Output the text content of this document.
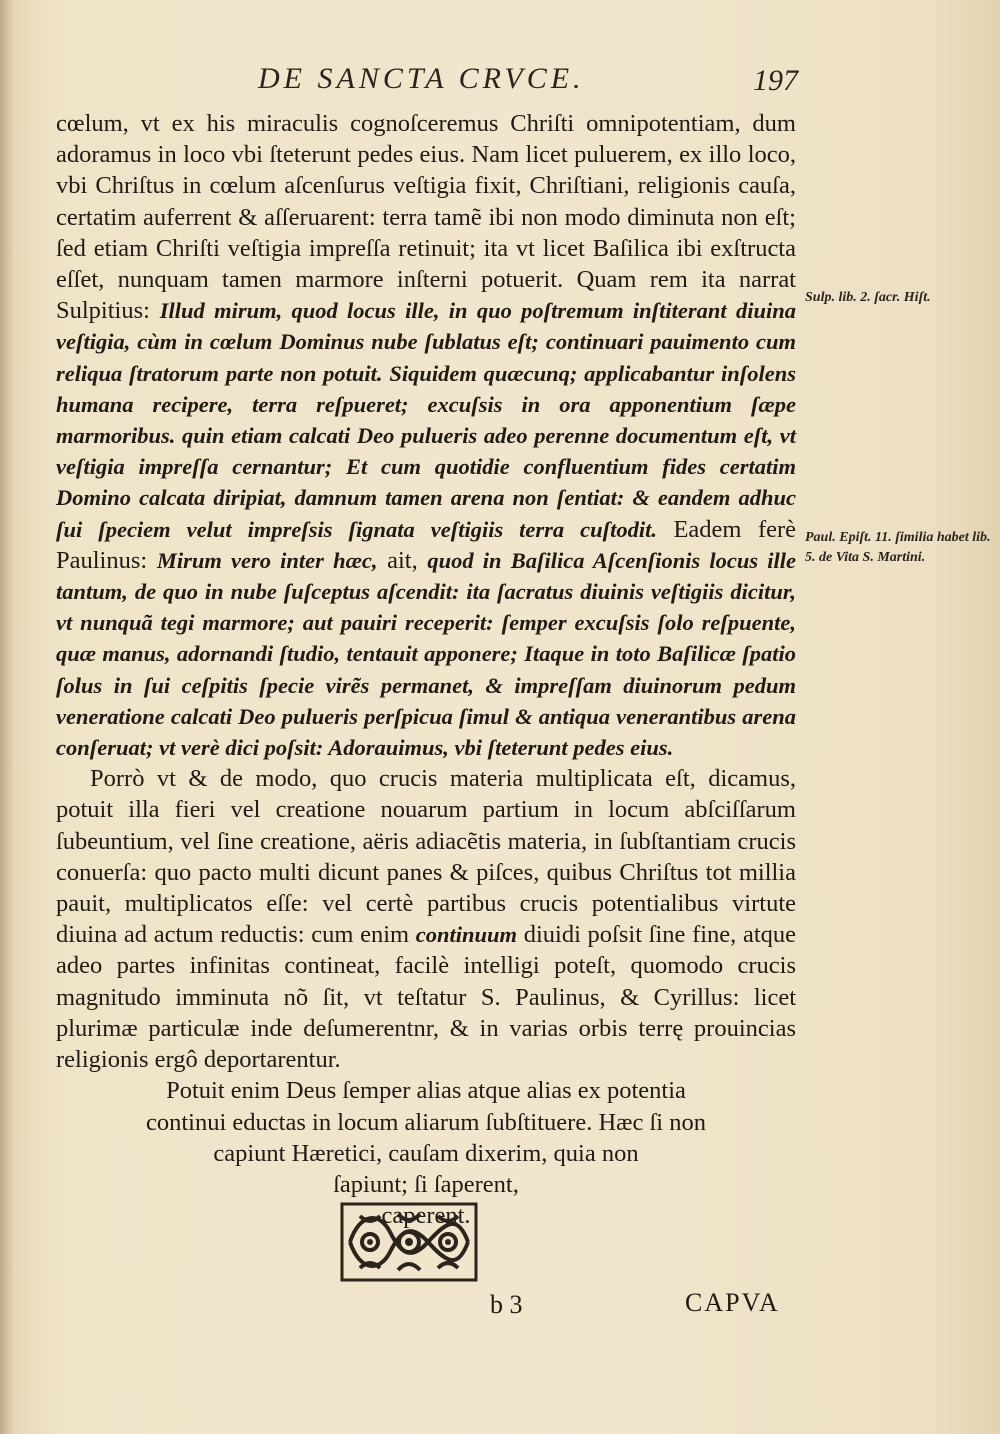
DE SANCTA CRVCE.	197

cœlum, vt ex his miraculis cognoſceremus Chriſti omnipotentiam, dum adoramus in loco vbi ſteterunt pedes eius. Nam licet puluerem, ex illo loco, vbi Chriſtus in cœlum aſcenſurus veſtigia fixit, Chriſtiani, religionis cauſa, certatim auferrent & aſſeruarent: terra tamẽ ibi non modo diminuta non eſt; ſed etiam Chriſti veſtigia impreſſa retinuit; ita vt licet Baſilica ibi exſtructa eſſet, nunquam tamen marmore inſterni potuerit. Quam rem ita narrat Sulpitius: Illud mirum, quod locus ille, in quo poſtremum inſtiterant diuina veſtigia, cùm in cœlum Dominus nube ſublatus eſt; continuari pauimento cum reliqua ſtratorum parte non potuit. Siquidem quæcunq; applicabantur inſolens humana recipere, terra reſpueret; excuſsis in ora apponentium ſæpe marmoribus. quin etiam calcati Deo pulueris adeo perenne documentum eſt, vt veſtigia impreſſa cernantur; Et cum quotidie confluentium fides certatim Domino calcata diripiat, damnum tamen arena non ſentiat: & eandem adhuc ſui ſpeciem velut impreſsis ſignata veſtigiis terra cuſtodit. Eadem ferè Paulinus: Mirum vero inter hæc, ait, quod in Baſilica Aſcenſionis locus ille tantum, de quo in nube ſuſceptus aſcendit: ita ſacratus diuinis veſtigiis dicitur, vt nunquã tegi marmore; aut pauiri receperit: ſemper excuſsis ſolo reſpuente, quæ manus, adornandi ſtudio, tentauit apponere; Itaque in toto Baſilicæ ſpatio ſolus in ſui ceſpitis ſpecie virẽs permanet, & impreſſam diuinorum pedum veneratione calcati Deo pulueris perſpicua ſimul & antiqua venerantibus arena conſeruat; vt verè dici poſsit: Adorauimus, vbi ſteterunt pedes eius.

Porrò vt & de modo, quo crucis materia multiplicata eſt, dicamus, potuit illa fieri vel creatione nouarum partium in locum abſciſſarum ſubeuntium, vel ſine creatione, aëris adiacẽtis materia, in ſubſtantiam crucis conuerſa: quo pacto multi dicunt panes & piſces, quibus Chriſtus tot millia pauit, multiplicatos eſſe: vel certè partibus crucis potentialibus virtute diuina ad actum reductis: cum enim continuum diuidi poſsit ſine fine, atque adeo partes infinitas contineat, facilè intelligi poteſt, quomodo crucis magnitudo imminuta nõ ſit, vt teſtatur S. Paulinus, & Cyrillus: licet plurimæ particulæ inde deſumerentnr, & in varias orbis terrę prouincias religionis ergô deportarentur.

Potuit enim Deus ſemper alias atque alias ex potentia
continui eductas in locum aliarum ſubſtituere. Hæc ſi non
capiunt Hæretici, cauſam dixerim, quia non
ſapiunt; ſi ſaperent, caperent.

Sulp. lib. 2. ſacr. Hiſt.
Paul. Epiſt. 11. ſimilia habet lib. 5. de Vita S. Martini.
b 3	CAPVA
